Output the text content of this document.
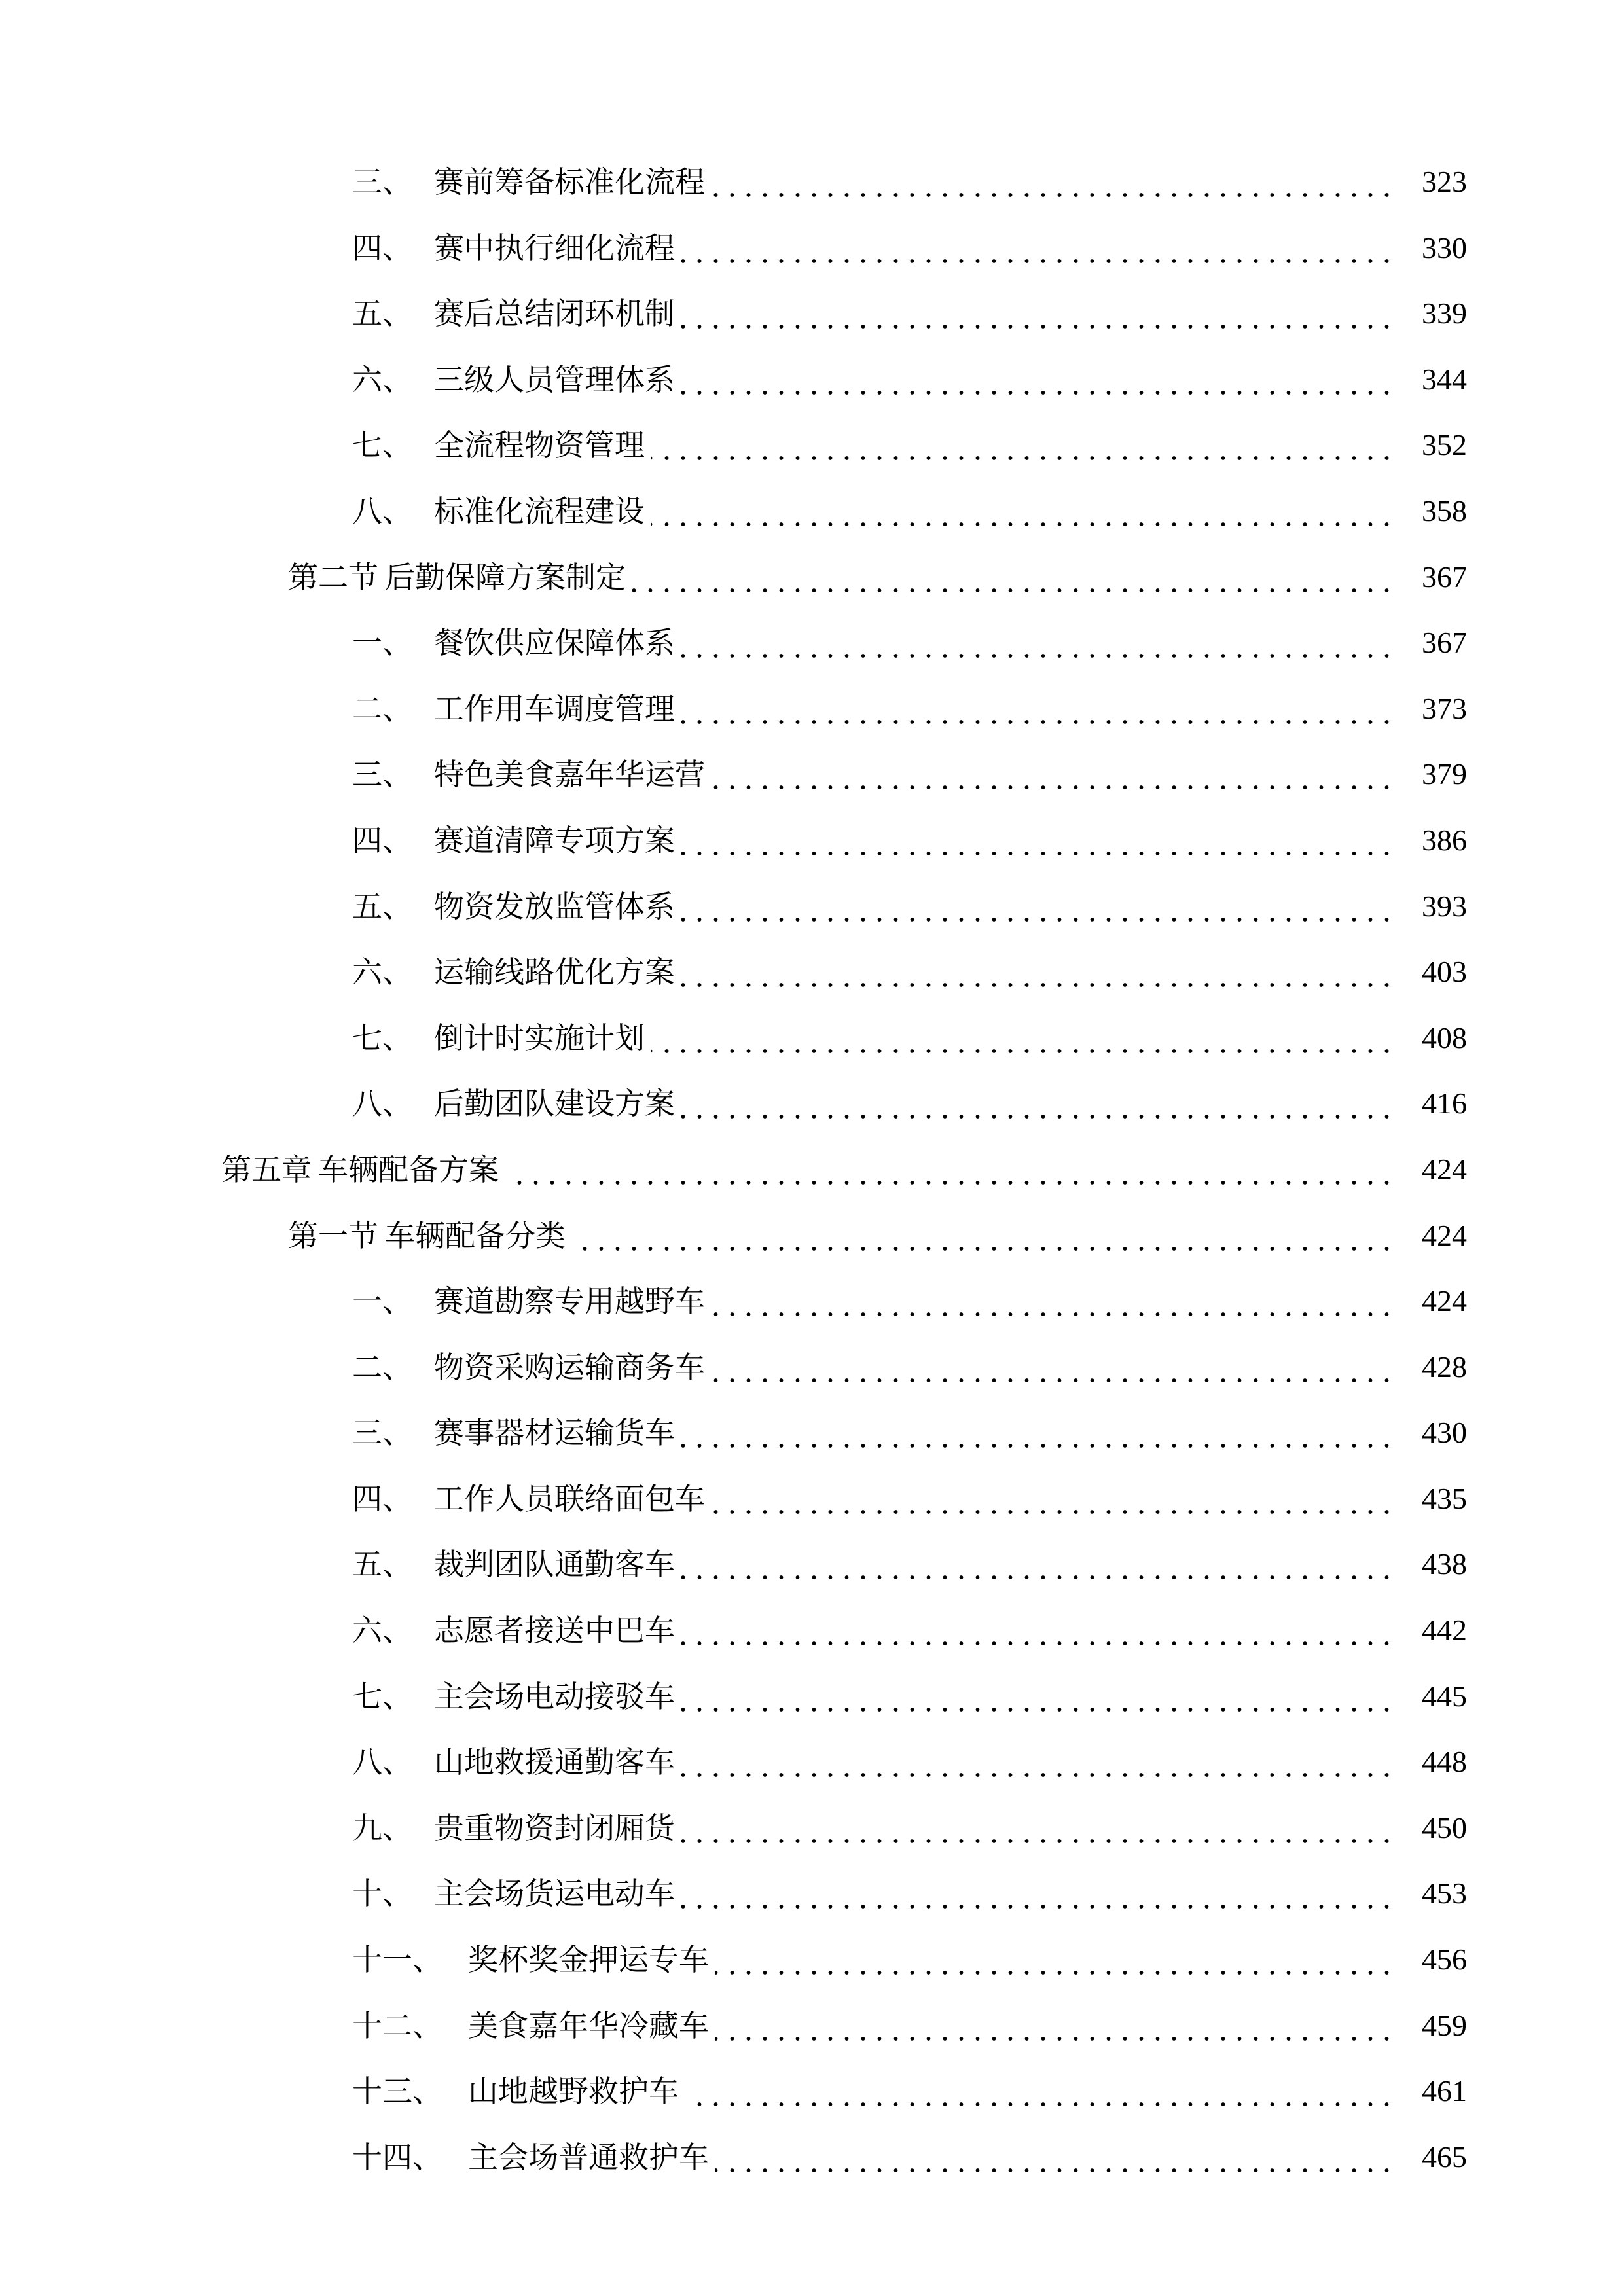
三、 赛前筹备标准化流程	323
四、 赛中执行细化流程	330
五、 赛后总结闭环机制	339
六、 三级人员管理体系	344
七、 全流程物资管理	352
八、 标准化流程建设	358
第二节 后勤保障方案制定	367
一、 餐饮供应保障体系	367
二、 工作用车调度管理	373
三、 特色美食嘉年华运营	379
四、 赛道清障专项方案	386
五、 物资发放监管体系	393
六、 运输线路优化方案	403
七、 倒计时实施计划	408
八、 后勤团队建设方案	416
第五章 车辆配备方案	424
第一节 车辆配备分类	424
一、 赛道勘察专用越野车	424
二、 物资采购运输商务车	428
三、 赛事器材运输货车	430
四、 工作人员联络面包车	435
五、 裁判团队通勤客车	438
六、 志愿者接送中巴车	442
七、 主会场电动接驳车	445
八、 山地救援通勤客车	448
九、 贵重物资封闭厢货	450
十、 主会场货运电动车	453
十一、 奖杯奖金押运专车	456
十二、 美食嘉年华冷藏车	459
十三、 山地越野救护车	461
十四、 主会场普通救护车	465
